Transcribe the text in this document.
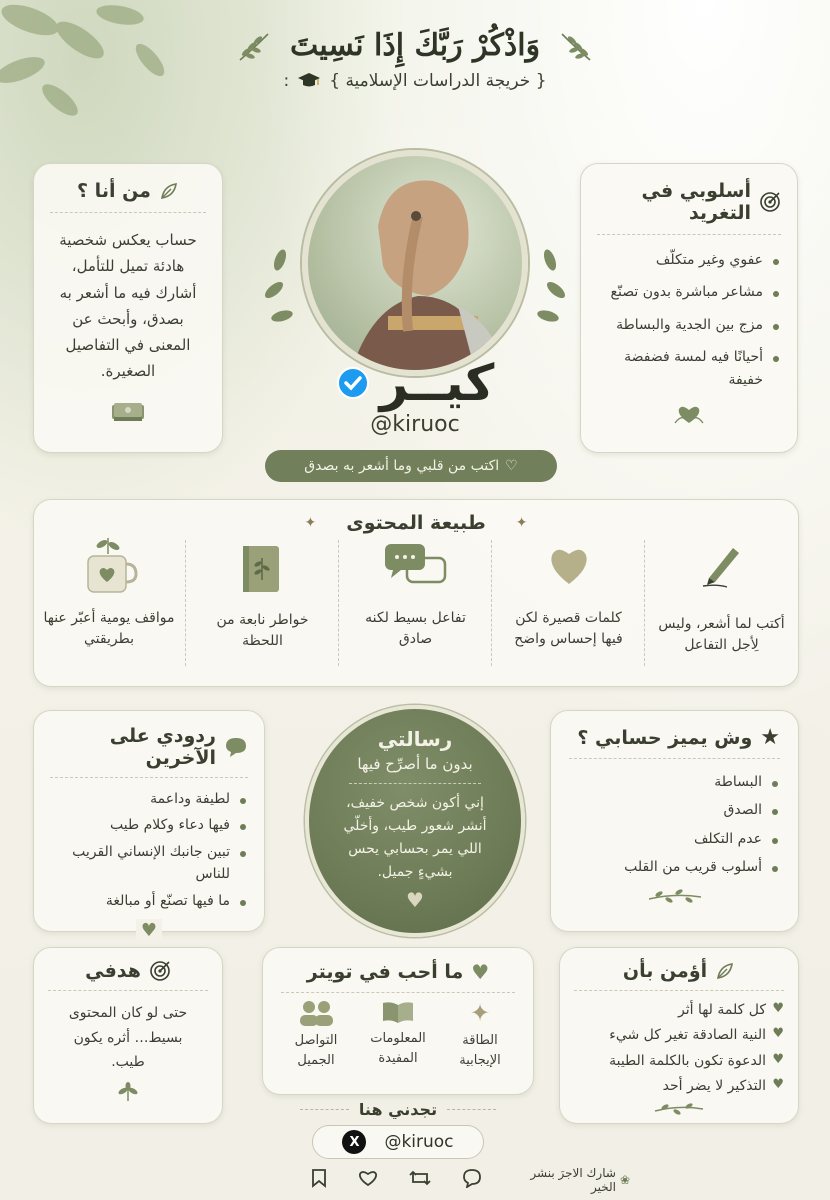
وَاذْكُرْ رَبَّكَ إِذَا نَسِيتَ
{ خريجة الدراسات الإسلامية }
:
من أنا ؟
حساب يعكس شخصية هادئة تميل للتأمل، أشارك فيه ما أشعر به بصدق، وأبحث عن المعنى في التفاصيل الصغيرة.	كيــر
@kiruoc
♡
اكتب من قلبي وما أشعر به بصدق
أسلوبي في التغريد
عفوي وغير متكلّف
مشاعر مباشرة بدون تصنّع
مزج بين الجدية والبساطة
أحيانًا فيه لمسة فضفضة خفيفة
✦
طبيعة المحتوى
✦
أكتب لما أشعر، وليس لِأجل التفاعل
كلمات قصيرة لكن فيها إحساس واضح
تفاعل بسيط لكنه صادق
خواطر نابعة من اللحظة
مواقف يومية أعبّر عنها بطريقتي
ردودي على الآخرين
لطيفة وداعمة
فيها دعاء وكلام طيب
تبين جانبك الإنساني القريب للناس
ما فيها تصنّع أو مبالغة
♥
رسالتي
بدون ما أصرِّح فيها
إني أكون شخص خفيف، أنشر شعور طيب، وأخلّي اللي يمر بحسابي يحس بشيءٍ جميل.
♥
★
وش يميز حسابي ؟
البساطة
الصدق
عدم التكلف
أسلوب قريب من القلب
هدفي
حتى لو كان المحتوى بسيط… أثره يكون طيب.
♥
ما أحب في تويتر
✦
الطاقة الإيجابية
المعلومات المفيدة
التواصل الجميل
أؤمن بأن
♥ كل كلمة لها أثر
♥ النية الصادقة تغير كل شيء
♥ الدعوة تكون بالكلمة الطيبة
♥ التذكير لا يضر أحد
تجدني هنا
X	@kiruoc
❀
شارك الاجرَ بنشر الخير
